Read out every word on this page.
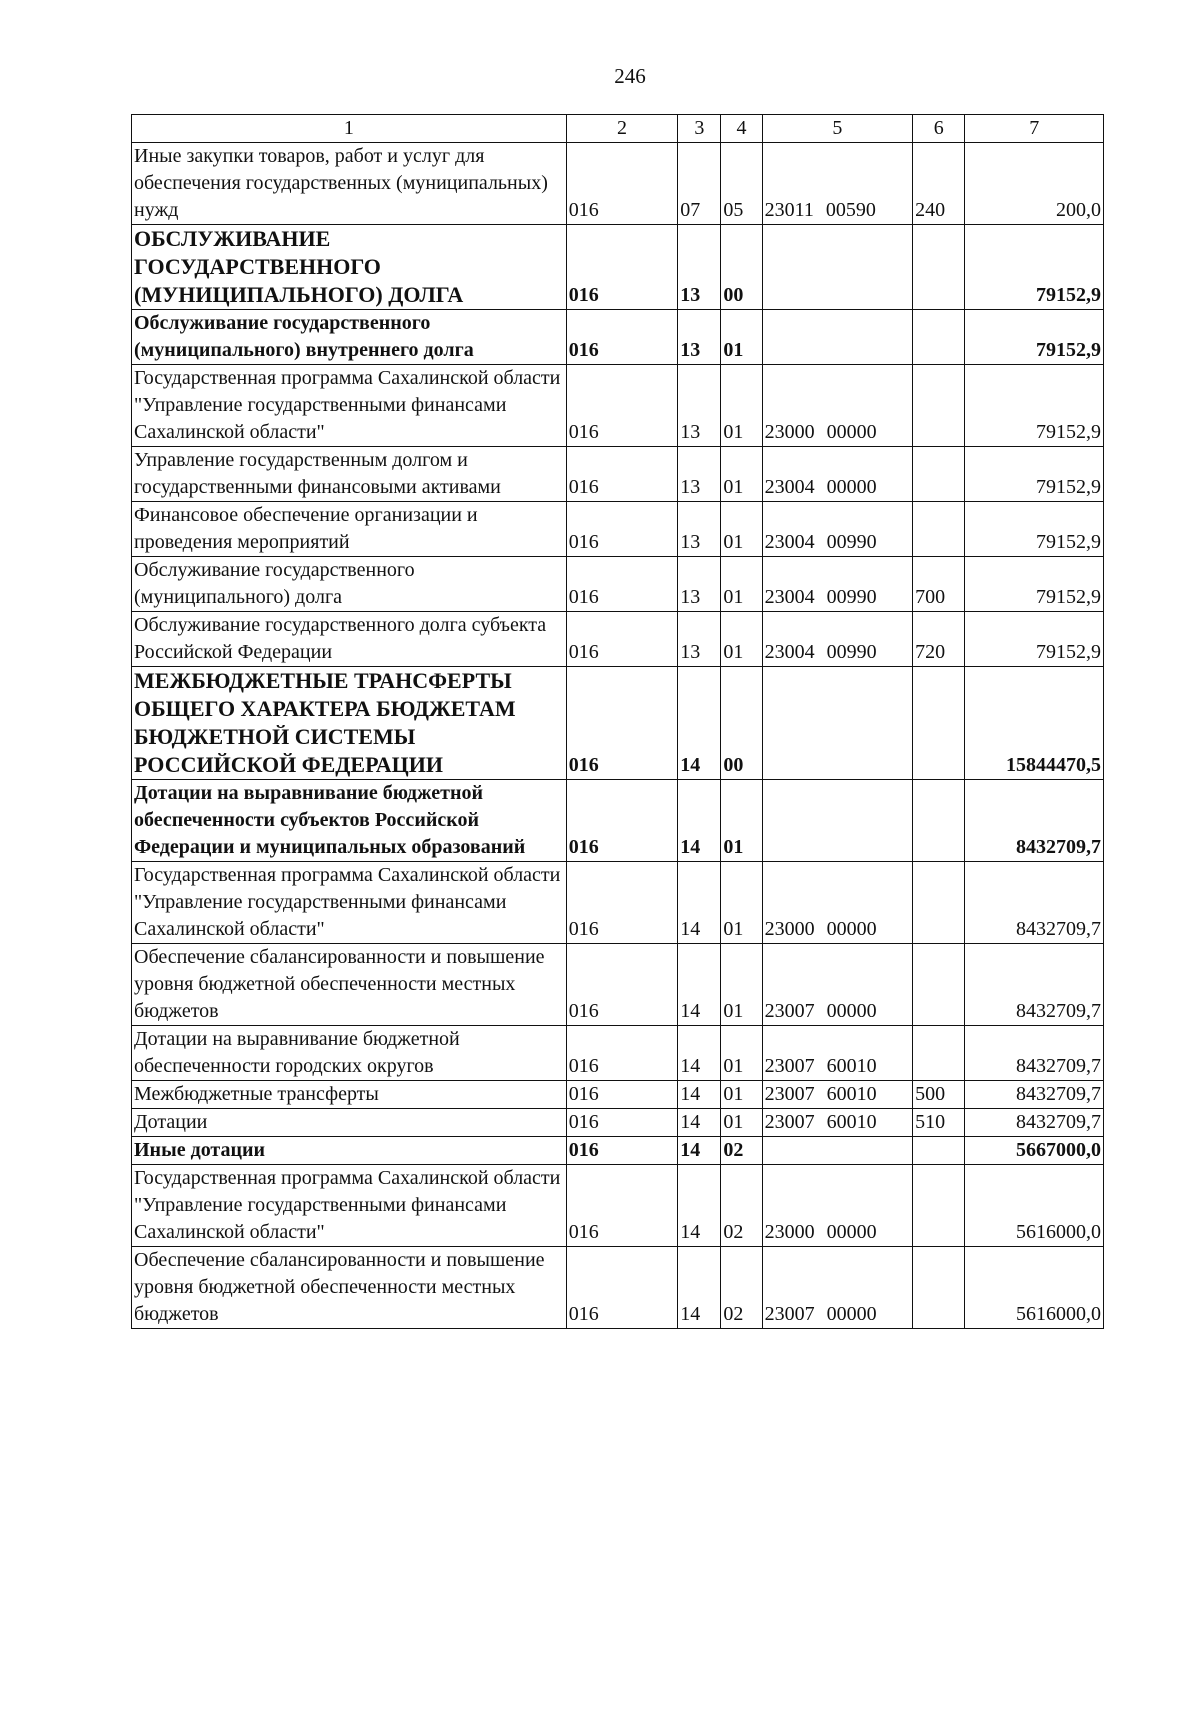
246
1	2	3	4	5	6	7
Иные закупки товаров, работ и услуг для обеспечения государственных (муниципальных) нужд	016	07	05	23011 00590	240	200,0
ОБСЛУЖИВАНИЕ ГОСУДАРСТВЕННОГО (МУНИЦИПАЛЬНОГО) ДОЛГА	016	13	00			79152,9
Обслуживание государственного (муниципального) внутреннего долга	016	13	01			79152,9
Государственная программа Сахалинской области "Управление государственными финансами Сахалинской области"	016	13	01	23000 00000		79152,9
Управление государственным долгом и государственными финансовыми активами	016	13	01	23004 00000		79152,9
Финансовое обеспечение организации и проведения мероприятий	016	13	01	23004 00990		79152,9
Обслуживание государственного (муниципального) долга	016	13	01	23004 00990	700	79152,9
Обслуживание государственного долга субъекта Российской Федерации	016	13	01	23004 00990	720	79152,9
МЕЖБЮДЖЕТНЫЕ ТРАНСФЕРТЫ ОБЩЕГО ХАРАКТЕРА БЮДЖЕТАМ БЮДЖЕТНОЙ СИСТЕМЫ РОССИЙСКОЙ ФЕДЕРАЦИИ	016	14	00			15844470,5
Дотации на выравнивание бюджетной обеспеченности субъектов Российской Федерации и муниципальных образований	016	14	01			8432709,7
Государственная программа Сахалинской области "Управление государственными финансами Сахалинской области"	016	14	01	23000 00000		8432709,7
Обеспечение сбалансированности и повышение уровня бюджетной обеспеченности местных бюджетов	016	14	01	23007 00000		8432709,7
Дотации на выравнивание бюджетной обеспеченности городских округов	016	14	01	23007 60010		8432709,7
Межбюджетные трансферты	016	14	01	23007 60010	500	8432709,7
Дотации	016	14	01	23007 60010	510	8432709,7
Иные дотации	016	14	02			5667000,0
Государственная программа Сахалинской области "Управление государственными финансами Сахалинской области"	016	14	02	23000 00000		5616000,0
Обеспечение сбалансированности и повышение уровня бюджетной обеспеченности местных бюджетов	016	14	02	23007 00000		5616000,0
